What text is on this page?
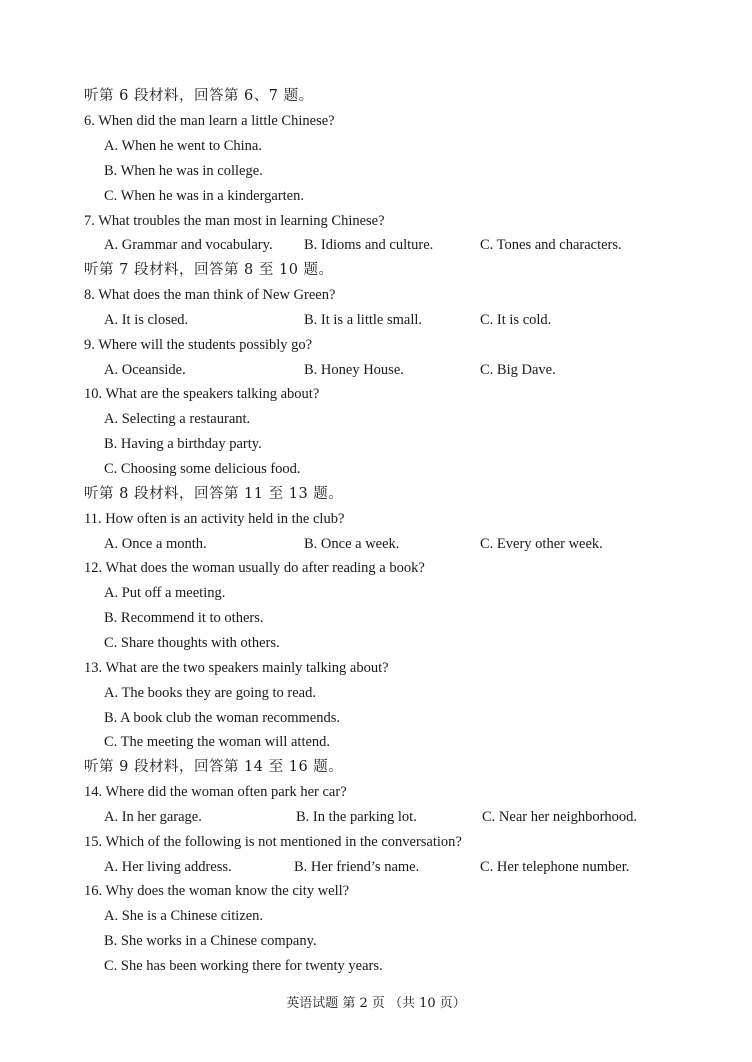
听第 6 段材料，回答第 6、7 题。
6. When did the man learn a little Chinese?
A. When he went to China.
B. When he was in college.
C. When he was in a kindergarten.
7. What troubles the man most in learning Chinese?
A. Grammar and vocabulary. B. Idioms and culture.	C. Tones and characters.
听第 7 段材料，回答第 8 至 10 题。
8. What does the man think of New Green?
A. It is closed.	B. It is a little small.	C. It is cold.
9. Where will the students possibly go?
A. Oceanside.	B. Honey House.	C. Big Dave.
10. What are the speakers talking about?
A. Selecting a restaurant.
B. Having a birthday party.
C. Choosing some delicious food.
听第 8 段材料，回答第 11 至 13 题。
11. How often is an activity held in the club?
A. Once a month.	B. Once a week.	C. Every other week.
12. What does the woman usually do after reading a book?
A. Put off a meeting.
B. Recommend it to others.
C. Share thoughts with others.
13. What are the two speakers mainly talking about?
A. The books they are going to read.
B. A book club the woman recommends.
C. The meeting the woman will attend.
听第 9 段材料，回答第 14 至 16 题。
14. Where did the woman often park her car?
A. In her garage.	B. In the parking lot.	C. Near her neighborhood.
15. Which of the following is not mentioned in the conversation?
A. Her living address.	B. Her friend’s name.	C. Her telephone number.
16. Why does the woman know the city well?
A. She is a Chinese citizen.
B. She works in a Chinese company.
C. She has been working there for twenty years.
英语试题 第 2 页 （共 10 页）
